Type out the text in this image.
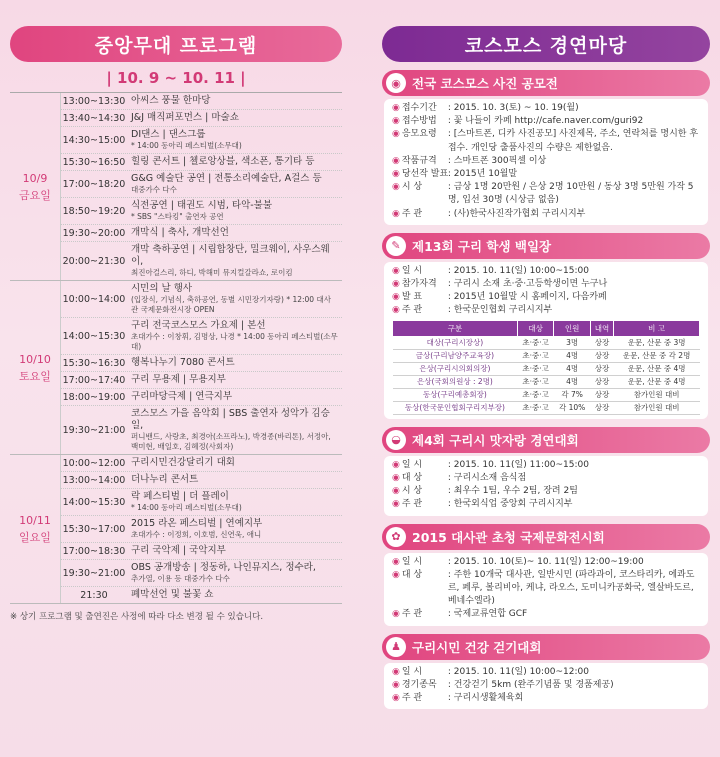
중앙무대 프로그램
| 10. 9 ~ 10. 11 |
10/9
금요일
13:00~13:30 아씨스 풍물 한마당
13:40~14:30 J&J 매직퍼포먼스 | 마술쇼
14:30~15:00 DI댄스 | 댄스그룹
* 14:00 동아리 페스티벌(소무대)
15:30~16:50 힐링 콘서트 | 첼로앙상블, 색소폰, 통기타 등
17:00~18:20 G&G 예술단 공연 | 전통소리예술단, A걸스 등
대중가수 다수
18:50~19:20 식전공연 | 태권도 시범, 타악-불불
* SBS "스타킹" 출연자 공연
19:30~20:00 개막식 | 축사, 개막선언
20:00~21:30
개막 축하공연 | 시립합창단, 밀크웨이, 사우스웨이,
최진아걸스리, 하디, 박해미 뮤지컬갈라쇼, 로이킴
10/10
토요일
10:00~14:00
시민의 날 행사
(입장식, 기념식, 축하공연, 동별 시민장기자랑) * 12:00 대사관 국제문화전시장 OPEN
14:00~15:30
구리 전국코스모스 가요제 | 본선
초대가수 : 이창휘, 김명상, 나경 * 14:00 동아리 페스티벌(소무대)
15:30~16:30 행복나누기 7080 콘서트
17:00~17:40 구리 무용제 | 무용지부
18:00~19:00 구리마당극제 | 연극지부
19:30~21:00
코스모스 가을 음악회 | SBS 출연자 성악가 김승일,
퍼니밴드, 사랑초, 최경아(소프라노), 박경종(바리톤), 서정아, 백미현, 배일호, 김혜정(사회자)
10/11
일요일
10:00~12:00 구리시민건강달리기 대회
13:00~14:00 더나누리 콘서트
14:00~15:30 락 페스티벌 | 더 플레이
* 14:00 동아리 페스티벌(소무대)
15:30~17:00 2015 라온 페스티벌 | 연예지부
초대가수 : 이정희, 이호범, 신연욱, 애니
17:00~18:30 구리 국악제 | 국악지부
19:30~21:00 OBS 공개방송 | 정동하, 나인뮤지스, 정수라,
추가열, 이용 등 대중가수 다수
21:30	폐막선언 및 불꽃 쇼
※ 상기 프로그램 및 출연진은 사정에 따라 다소 변경 될 수 있습니다.
코스모스 경연마당
◉ 전국 코스모스 사진 공모전
◉ 접수기간	: 2015. 10. 3(토) ~ 10. 19(월)
◉ 접수방법	: 꽃 나들이 카페 http://cafe.naver.com/guri92
◉ 응모요령	: [스마트폰, 디카 사진공모] 사진제목, 주소, 연락처를 명시한 후 접수. 개인당 출품사진의 수량은 제한없음.
◉ 작품규격	: 스마트폰 300픽셀 이상
◉ 당선작 발표 : 2015년 10월말
◉ 시 상	: 금상 1명 20만원 / 은상 2명 10만원 / 동상 3명 5만원 가작 5명, 입선 30명 (시상금 없음)
◉ 주 관	: (사)한국사진작가협회 구리시지부
✎ 제13회 구리 학생 백일장
◉ 일 시	: 2015. 10. 11(일) 10:00~15:00
◉ 참가자격	: 구리시 소재 초·중·고등학생이면 누구나
◉ 발 표	: 2015년 10월말 시 홈페이지, 다음카페
◉ 주 관	: 한국문인협회 구리시지부
구분	대상	인원	내역	비 고
대상(구리시장상)	초·중·고	3명	상장	운문, 산문 중 3명
금상(구리남양주교육장)	초·중·고	4명	상장	운문, 산문 중 각 2명
은상(구리시의회의장)	초·중·고	4명	상장	운문, 산문 중 4명
은상(국회의원상 : 2명)	초·중·고	4명	상장	운문, 산문 중 4명
동상(구리예총회장)	초·중·고	각 7%	상장	참가인원 대비
동상(한국문인협회구리지부장)	초·중·고	각 10%	상장	참가인원 대비
◒ 제4회 구리시 맛자랑 경연대회
◉ 일 시	: 2015. 10. 11(일) 11:00~15:00
◉ 대 상	: 구리시소재 음식점
◉ 시 상	: 최우수 1팀, 우수 2팀, 장려 2팀
◉ 주 관	: 한국외식업 중앙회 구리시지부
✿ 2015 대사관 초청 국제문화전시회
◉ 일 시	: 2015. 10. 10(토)~ 10. 11(일) 12:00~19:00
◉ 대 상	: 주한 10개국 대사관, 일반시민 (파라과이, 코스타리카, 에콰도르, 페루, 볼리비아, 케냐, 라오스, 도미니카공화국, 엘살바도르, 베네수엘라)
◉ 주 관	: 국제교류연합 GCF
♟ 구리시민 건강 걷기대회
◉ 일 시	: 2015. 10. 11(일) 10:00~12:00
◉ 경기종목	: 건강걷기 5km (완주기념품 및 경품제공)
◉ 주 관	: 구리시생활체육회
